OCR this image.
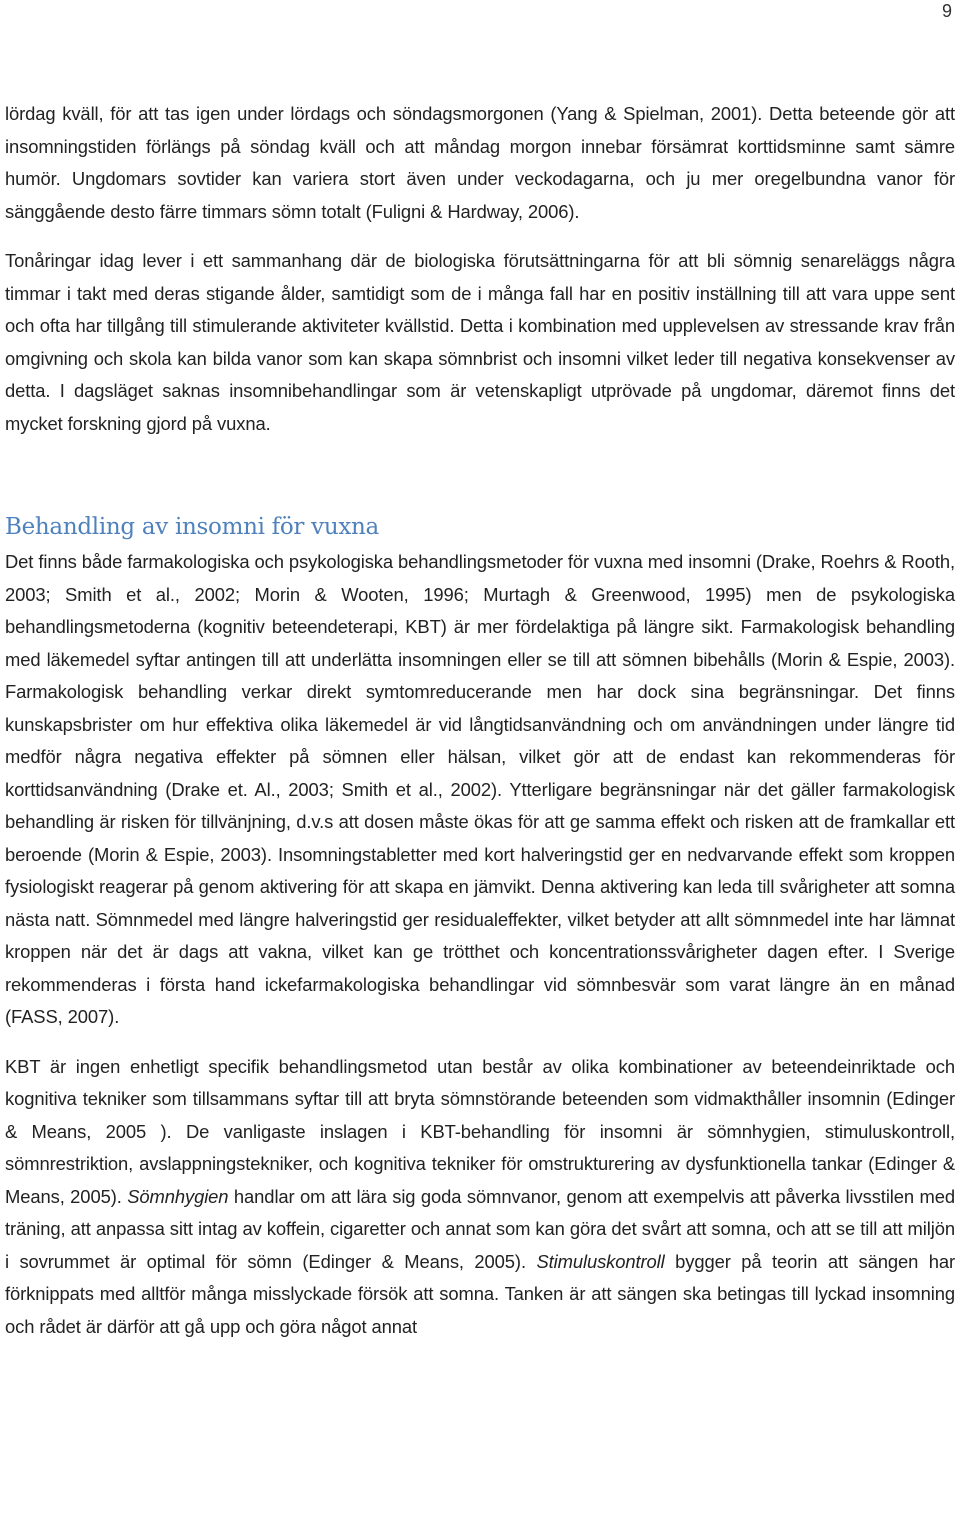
9

lördag kväll, för att tas igen under lördags och söndagsmorgonen (Yang & Spielman, 2001). Detta beteende gör att insomningstiden förlängs på söndag kväll och att måndag morgon innebar försämrat korttidsminne samt sämre humör. Ungdomars sovtider kan variera stort även under veckodagarna, och ju mer oregelbundna vanor för sänggående desto färre timmars sömn totalt (Fuligni & Hardway, 2006).

Tonåringar idag lever i ett sammanhang där de biologiska förutsättningarna för att bli sömnig senareläggs några timmar i takt med deras stigande ålder, samtidigt som de i många fall har en positiv inställning till att vara uppe sent och ofta har tillgång till stimulerande aktiviteter kvällstid. Detta i kombination med upplevelsen av stressande krav från omgivning och skola kan bilda vanor som kan skapa sömnbrist och insomni vilket leder till negativa konsekvenser av detta. I dagsläget saknas insomnibehandlingar som är vetenskapligt utprövade på ungdomar, däremot finns det mycket forskning gjord på vuxna.

Behandling av insomni för vuxna

Det finns både farmakologiska och psykologiska behandlingsmetoder för vuxna med insomni (Drake, Roehrs & Rooth, 2003; Smith et al., 2002; Morin & Wooten, 1996; Murtagh & Greenwood, 1995) men de psykologiska behandlingsmetoderna (kognitiv beteendeterapi, KBT) är mer fördelaktiga på längre sikt. Farmakologisk behandling med läkemedel syftar antingen till att underlätta insomningen eller se till att sömnen bibehålls (Morin & Espie, 2003). Farmakologisk behandling verkar direkt symtomreducerande men har dock sina begränsningar. Det finns kunskapsbrister om hur effektiva olika läkemedel är vid långtidsanvändning och om användningen under längre tid medför några negativa effekter på sömnen eller hälsan, vilket gör att de endast kan rekommenderas för korttidsanvändning (Drake et. Al., 2003; Smith et al., 2002). Ytterligare begränsningar när det gäller farmakologisk behandling är risken för tillvänjning, d.v.s att dosen måste ökas för att ge samma effekt och risken att de framkallar ett beroende (Morin & Espie, 2003). Insomningstabletter med kort halveringstid ger en nedvarvande effekt som kroppen fysiologiskt reagerar på genom aktivering för att skapa en jämvikt. Denna aktivering kan leda till svårigheter att somna nästa natt. Sömnmedel med längre halveringstid ger residualeffekter, vilket betyder att allt sömnmedel inte har lämnat kroppen när det är dags att vakna, vilket kan ge trötthet och koncentrationssvårigheter dagen efter. I Sverige rekommenderas i första hand ickefarmakologiska behandlingar vid sömnbesvär som varat längre än en månad (FASS, 2007).

KBT är ingen enhetligt specifik behandlingsmetod utan består av olika kombinationer av beteendeinriktade och kognitiva tekniker som tillsammans syftar till att bryta sömnstörande beteenden som vidmakthåller insomnin (Edinger & Means, 2005 ). De vanligaste inslagen i KBT-behandling för insomni är sömnhygien, stimuluskontroll, sömnrestriktion, avslappningstekniker, och kognitiva tekniker för omstrukturering av dysfunktionella tankar (Edinger & Means, 2005). Sömnhygien handlar om att lära sig goda sömnvanor, genom att exempelvis att påverka livsstilen med träning, att anpassa sitt intag av koffein, cigaretter och annat som kan göra det svårt att somna, och att se till att miljön i sovrummet är optimal för sömn (Edinger & Means, 2005). Stimuluskontroll bygger på teorin att sängen har förknippats med alltför många misslyckade försök att somna. Tanken är att sängen ska betingas till lyckad insomning och rådet är därför att gå upp och göra något annat
